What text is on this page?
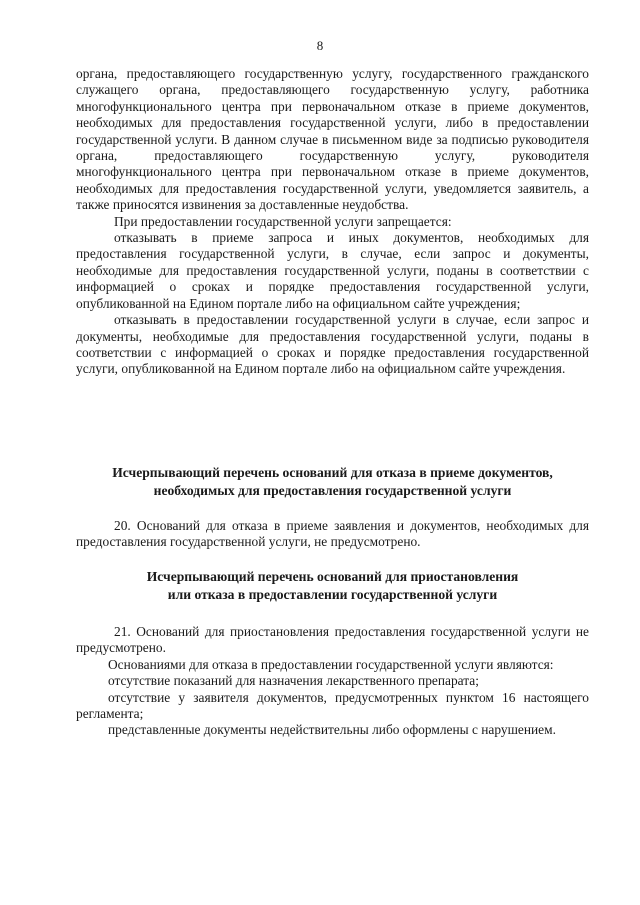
8

органа, предоставляющего государственную услугу, государственного гражданского служащего органа, предоставляющего государственную услугу, работника многофункционального центра при первоначальном отказе в приеме документов, необходимых для предоставления государственной услуги, либо в предоставлении государственной услуги. В данном случае в письменном виде за подписью руководителя органа, предоставляющего государственную услугу, руководителя многофункционального центра при первоначальном отказе в приеме документов, необходимых для предоставления государственной услуги, уведомляется заявитель, а также приносятся извинения за доставленные неудобства.

При предоставлении государственной услуги запрещается:

отказывать в приеме запроса и иных документов, необходимых для предоставления государственной услуги, в случае, если запрос и документы, необходимые для предоставления государственной услуги, поданы в соответствии с информацией о сроках и порядке предоставления государственной услуги, опубликованной на Едином портале либо на официальном сайте учреждения;

отказывать в предоставлении государственной услуги в случае, если запрос и документы, необходимые для предоставления государственной услуги, поданы в соответствии с информацией о сроках и порядке предоставления государственной услуги, опубликованной на Едином портале либо на официальном сайте учреждения.

Исчерпывающий перечень оснований для отказа в приеме документов,
необходимых для предоставления государственной услуги

20. Оснований для отказа в приеме заявления и документов, необходимых для предоставления государственной услуги, не предусмотрено.

Исчерпывающий перечень оснований для приостановления
или отказа в предоставлении государственной услуги

21. Оснований для приостановления предоставления государственной услуги не предусмотрено.

Основаниями для отказа в предоставлении государственной услуги являются:

отсутствие показаний для назначения лекарственного препарата;

отсутствие у заявителя документов, предусмотренных пунктом 16 настоящего регламента;

представленные документы недействительны либо оформлены с нарушением.
